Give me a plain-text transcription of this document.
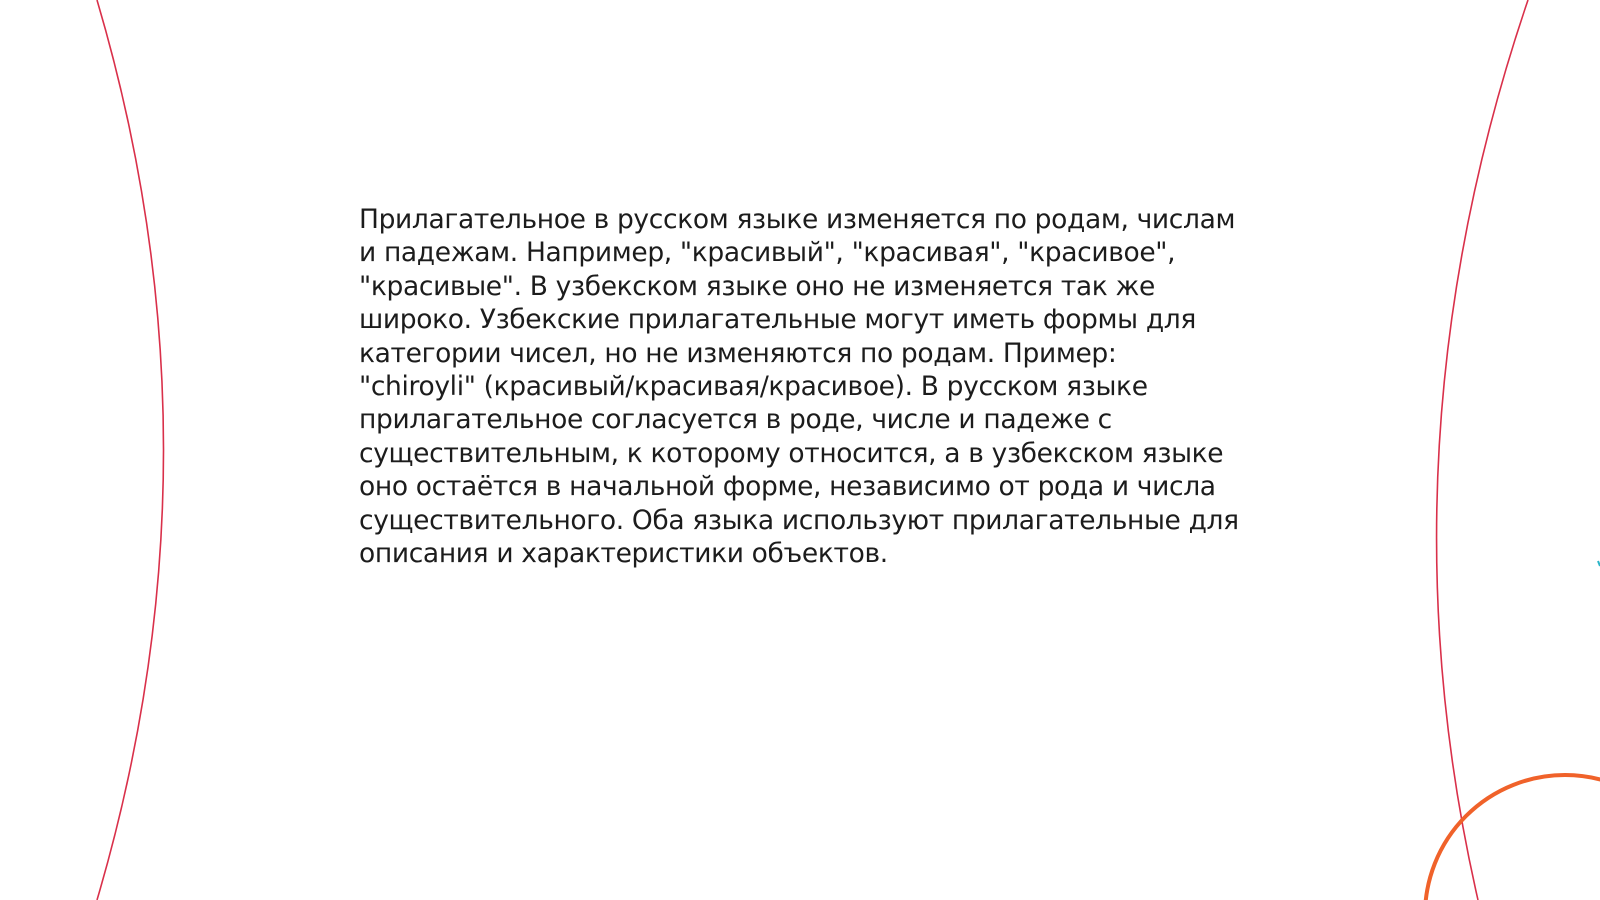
Прилагательное в русском языке изменяется по родам, числам и падежам. Например, "красивый", "красивая", "красивое", "красивые". В узбекском языке оно не изменяется так же широко. Узбекские прилагательные могут иметь формы для категории чисел, но не изменяются по родам. Пример: "chiroyli" (красивый/красивая/красивое). В русском языке прилагательное согласуется в роде, числе и падеже с существительным, к которому относится, а в узбекском языке оно остаётся в начальной форме, независимо от рода и числа существительного. Оба языка используют прилагательные для описания и характеристики объектов.
